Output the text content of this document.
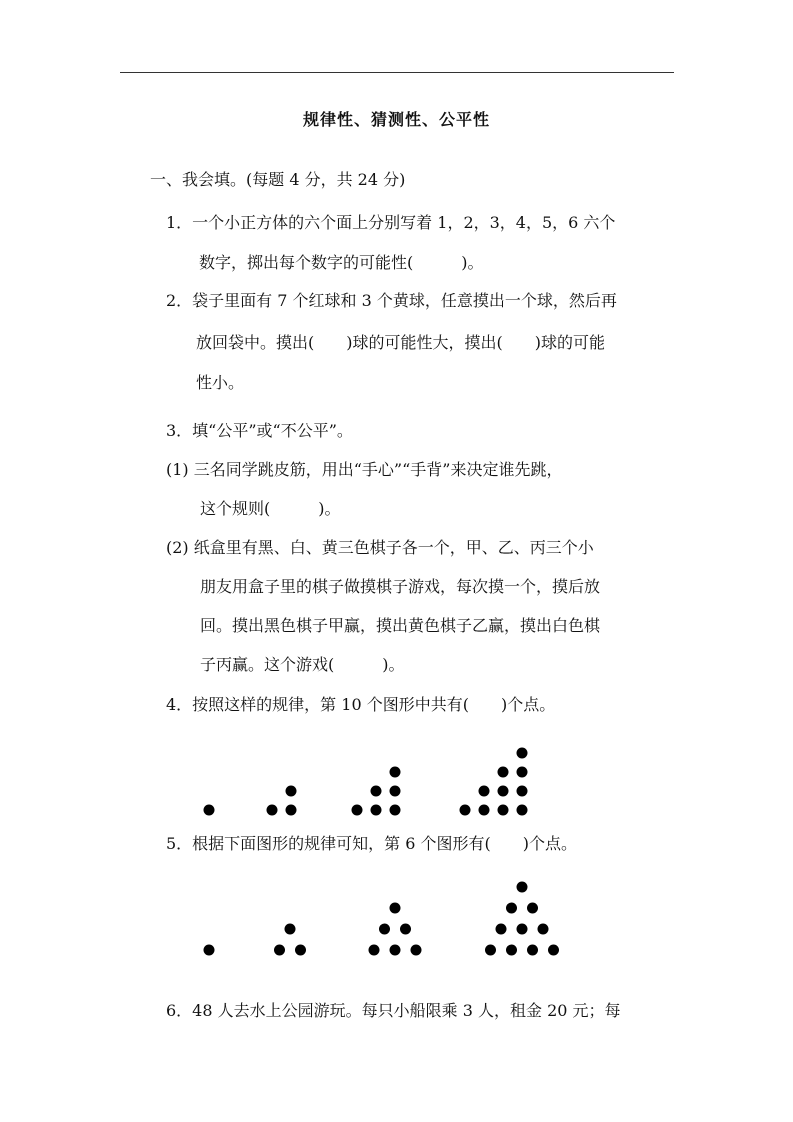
规律性、猜测性、公平性
一、我会填。(每题 4 分，共 24 分)
1．一个小正方体的六个面上分别写着 1，2，3，4，5，6 六个
数字，掷出每个数字的可能性(　　　)。
2．袋子里面有 7 个红球和 3 个黄球，任意摸出一个球，然后再
放回袋中。摸出(　　)球的可能性大，摸出(　　)球的可能
性小。
3．填“公平”或“不公平”。
(1) 三名同学跳皮筋，用出“手心”“手背”来决定谁先跳，
这个规则(　　　)。
(2) 纸盒里有黑、白、黄三色棋子各一个，甲、乙、丙三个小
朋友用盒子里的棋子做摸棋子游戏，每次摸一个，摸后放
回。摸出黑色棋子甲赢，摸出黄色棋子乙赢，摸出白色棋
子丙赢。这个游戏(　　　)。
4．按照这样的规律，第 10 个图形中共有(　　)个点。
5．根据下面图形的规律可知，第 6 个图形有(　　)个点。
6．48 人去水上公园游玩。每只小船限乘 3 人，租金 20 元；每
